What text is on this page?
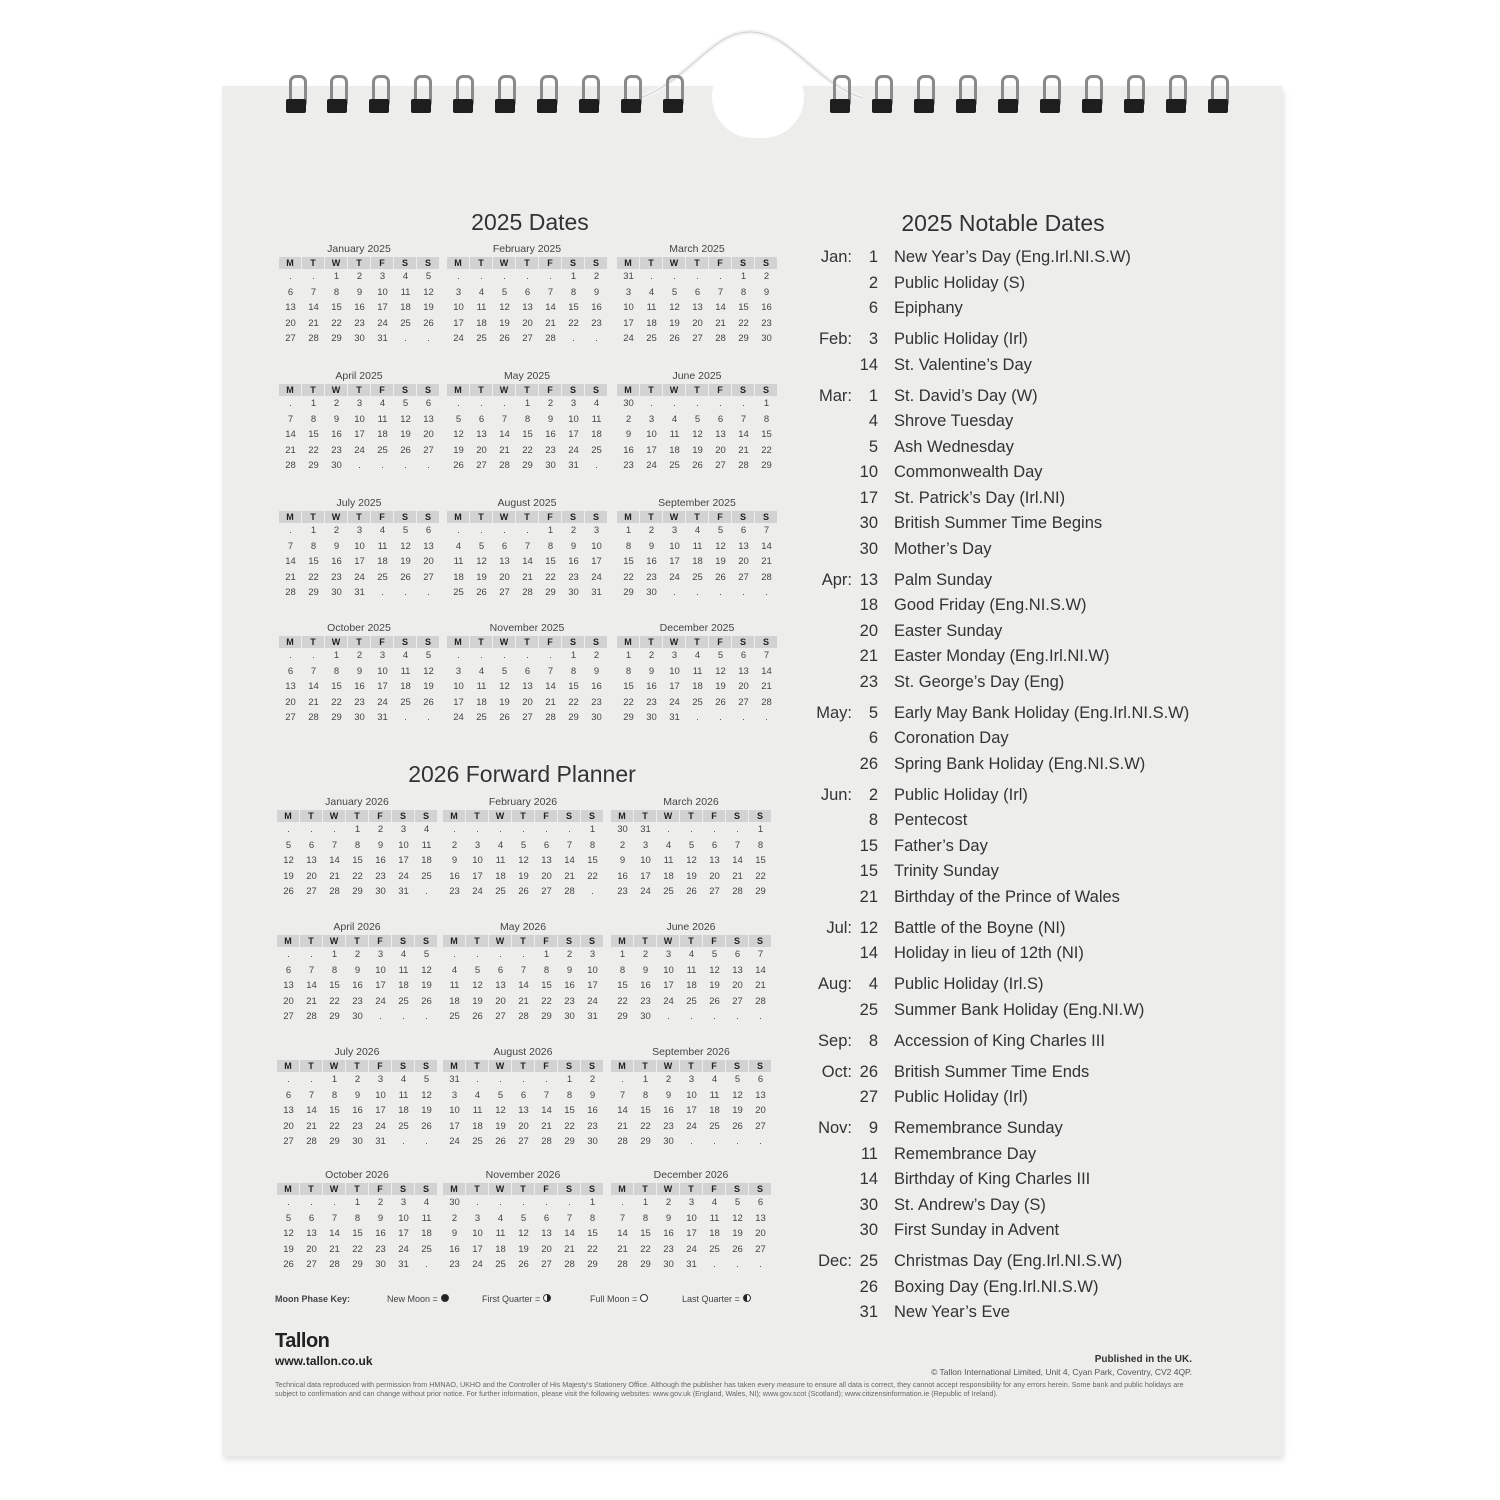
2025 Dates
January 2025
M	T	W	T	F	S	S
.	.	1	2	3	4	5
6	7	8	9	10	11	12
13	14	15	16	17	18	19
20	21	22	23	24	25	26
27	28	29	30	31	.	.
February 2025
M	T	W	T	F	S	S
.	.	.	.	.	1	2
3	4	5	6	7	8	9
10	11	12	13	14	15	16
17	18	19	20	21	22	23
24	25	26	27	28	.	.
March 2025
M	T	W	T	F	S	S
31	.	.	.	.	1	2
3	4	5	6	7	8	9
10	11	12	13	14	15	16
17	18	19	20	21	22	23
24	25	26	27	28	29	30
April 2025
M	T	W	T	F	S	S
.	1	2	3	4	5	6
7	8	9	10	11	12	13
14	15	16	17	18	19	20
21	22	23	24	25	26	27
28	29	30	.	.	.	.
May 2025
M	T	W	T	F	S	S
.	.	.	1	2	3	4
5	6	7	8	9	10	11
12	13	14	15	16	17	18
19	20	21	22	23	24	25
26	27	28	29	30	31	.
June 2025
M	T	W	T	F	S	S
30	.	.	.	.	.	1
2	3	4	5	6	7	8
9	10	11	12	13	14	15
16	17	18	19	20	21	22
23	24	25	26	27	28	29
July 2025
M	T	W	T	F	S	S
.	1	2	3	4	5	6
7	8	9	10	11	12	13
14	15	16	17	18	19	20
21	22	23	24	25	26	27
28	29	30	31	.	.	.
August 2025
M	T	W	T	F	S	S
.	.	.	.	1	2	3
4	5	6	7	8	9	10
11	12	13	14	15	16	17
18	19	20	21	22	23	24
25	26	27	28	29	30	31
September 2025
M	T	W	T	F	S	S
1	2	3	4	5	6	7
8	9	10	11	12	13	14
15	16	17	18	19	20	21
22	23	24	25	26	27	28
29	30	.	.	.	.	.
October 2025
M	T	W	T	F	S	S
.	.	1	2	3	4	5
6	7	8	9	10	11	12
13	14	15	16	17	18	19
20	21	22	23	24	25	26
27	28	29	30	31	.	.
November 2025
M	T	W	T	F	S	S
.	.	.	.	.	1	2
3	4	5	6	7	8	9
10	11	12	13	14	15	16
17	18	19	20	21	22	23
24	25	26	27	28	29	30
December 2025
M	T	W	T	F	S	S
1	2	3	4	5	6	7
8	9	10	11	12	13	14
15	16	17	18	19	20	21
22	23	24	25	26	27	28
29	30	31	.	.	.	.
2026 Forward Planner
January 2026
M	T	W	T	F	S	S
.	.	.	1	2	3	4
5	6	7	8	9	10	11
12	13	14	15	16	17	18
19	20	21	22	23	24	25
26	27	28	29	30	31	.
February 2026
M	T	W	T	F	S	S
.	.	.	.	.	.	1
2	3	4	5	6	7	8
9	10	11	12	13	14	15
16	17	18	19	20	21	22
23	24	25	26	27	28	.
March 2026
M	T	W	T	F	S	S
30	31	.	.	.	.	1
2	3	4	5	6	7	8
9	10	11	12	13	14	15
16	17	18	19	20	21	22
23	24	25	26	27	28	29
April 2026
M	T	W	T	F	S	S
.	.	1	2	3	4	5
6	7	8	9	10	11	12
13	14	15	16	17	18	19
20	21	22	23	24	25	26
27	28	29	30	.	.	.
May 2026
M	T	W	T	F	S	S
.	.	.	.	1	2	3
4	5	6	7	8	9	10
11	12	13	14	15	16	17
18	19	20	21	22	23	24
25	26	27	28	29	30	31
June 2026
M	T	W	T	F	S	S
1	2	3	4	5	6	7
8	9	10	11	12	13	14
15	16	17	18	19	20	21
22	23	24	25	26	27	28
29	30	.	.	.	.	.
July 2026
M	T	W	T	F	S	S
.	.	1	2	3	4	5
6	7	8	9	10	11	12
13	14	15	16	17	18	19
20	21	22	23	24	25	26
27	28	29	30	31	.	.
August 2026
M	T	W	T	F	S	S
31	.	.	.	.	1	2
3	4	5	6	7	8	9
10	11	12	13	14	15	16
17	18	19	20	21	22	23
24	25	26	27	28	29	30
September 2026
M	T	W	T	F	S	S
.	1	2	3	4	5	6
7	8	9	10	11	12	13
14	15	16	17	18	19	20
21	22	23	24	25	26	27
28	29	30	.	.	.	.
October 2026
M	T	W	T	F	S	S
.	.	.	1	2	3	4
5	6	7	8	9	10	11
12	13	14	15	16	17	18
19	20	21	22	23	24	25
26	27	28	29	30	31	.
November 2026
M	T	W	T	F	S	S
30	.	.	.	.	.	1
2	3	4	5	6	7	8
9	10	11	12	13	14	15
16	17	18	19	20	21	22
23	24	25	26	27	28	29
December 2026
M	T	W	T	F	S	S
.	1	2	3	4	5	6
7	8	9	10	11	12	13
14	15	16	17	18	19	20
21	22	23	24	25	26	27
28	29	30	31	.	.	.
2025 Notable Dates
Jan:	1 New Year’s Day (Eng.Irl.NI.S.W)
2 Public Holiday (S)
6 Epiphany
Feb:	3 Public Holiday (Irl)
14 St. Valentine’s Day
Mar:	1 St. David’s Day (W)
4 Shrove Tuesday
5 Ash Wednesday
10 Commonwealth Day
17 St. Patrick’s Day (Irl.NI)
30 British Summer Time Begins
30 Mother’s Day
Apr: 13 Palm Sunday
18 Good Friday (Eng.NI.S.W)
20 Easter Sunday
21 Easter Monday (Eng.Irl.NI.W)
23 St. George’s Day (Eng)
May:	5 Early May Bank Holiday (Eng.Irl.NI.S.W)
6 Coronation Day
26 Spring Bank Holiday (Eng.NI.S.W)
Jun:	2 Public Holiday (Irl)
8 Pentecost
15 Father’s Day
15 Trinity Sunday
21 Birthday of the Prince of Wales
Jul: 12 Battle of the Boyne (NI)
14 Holiday in lieu of 12th (NI)
Aug:	4 Public Holiday (Irl.S)
25 Summer Bank Holiday (Eng.NI.W)
Sep:	8 Accession of King Charles III
Oct: 26 British Summer Time Ends
27 Public Holiday (Irl)
Nov:	9 Remembrance Sunday
11 Remembrance Day
14 Birthday of King Charles III
30 St. Andrew’s Day (S)
30 First Sunday in Advent
Dec: 25 Christmas Day (Eng.Irl.NI.S.W)
26 Boxing Day (Eng.Irl.NI.S.W)
31 New Year’s Eve
Moon Phase Key:	New Moon =	First Quarter =	Full Moon =	Last Quarter =
Tallon
www.tallon.co.uk	Published in the UK.
© Tallon International Limited, Unit 4, Cyan Park, Coventry, CV2 4QP.
Technical data reproduced with permission from HMNAO, UKHO and the Controller of His Majesty’s Stationery Office. Although the publisher has taken every measure to ensure all data is correct, they cannot accept responsibility for any errors herein. Some bank and public holidays are subject to confirmation and can change without prior notice. For further information, please visit the following websites: www.gov.uk (England, Wales, NI); www.gov.scot (Scotland); www.citizensinformation.ie (Republic of Ireland).
